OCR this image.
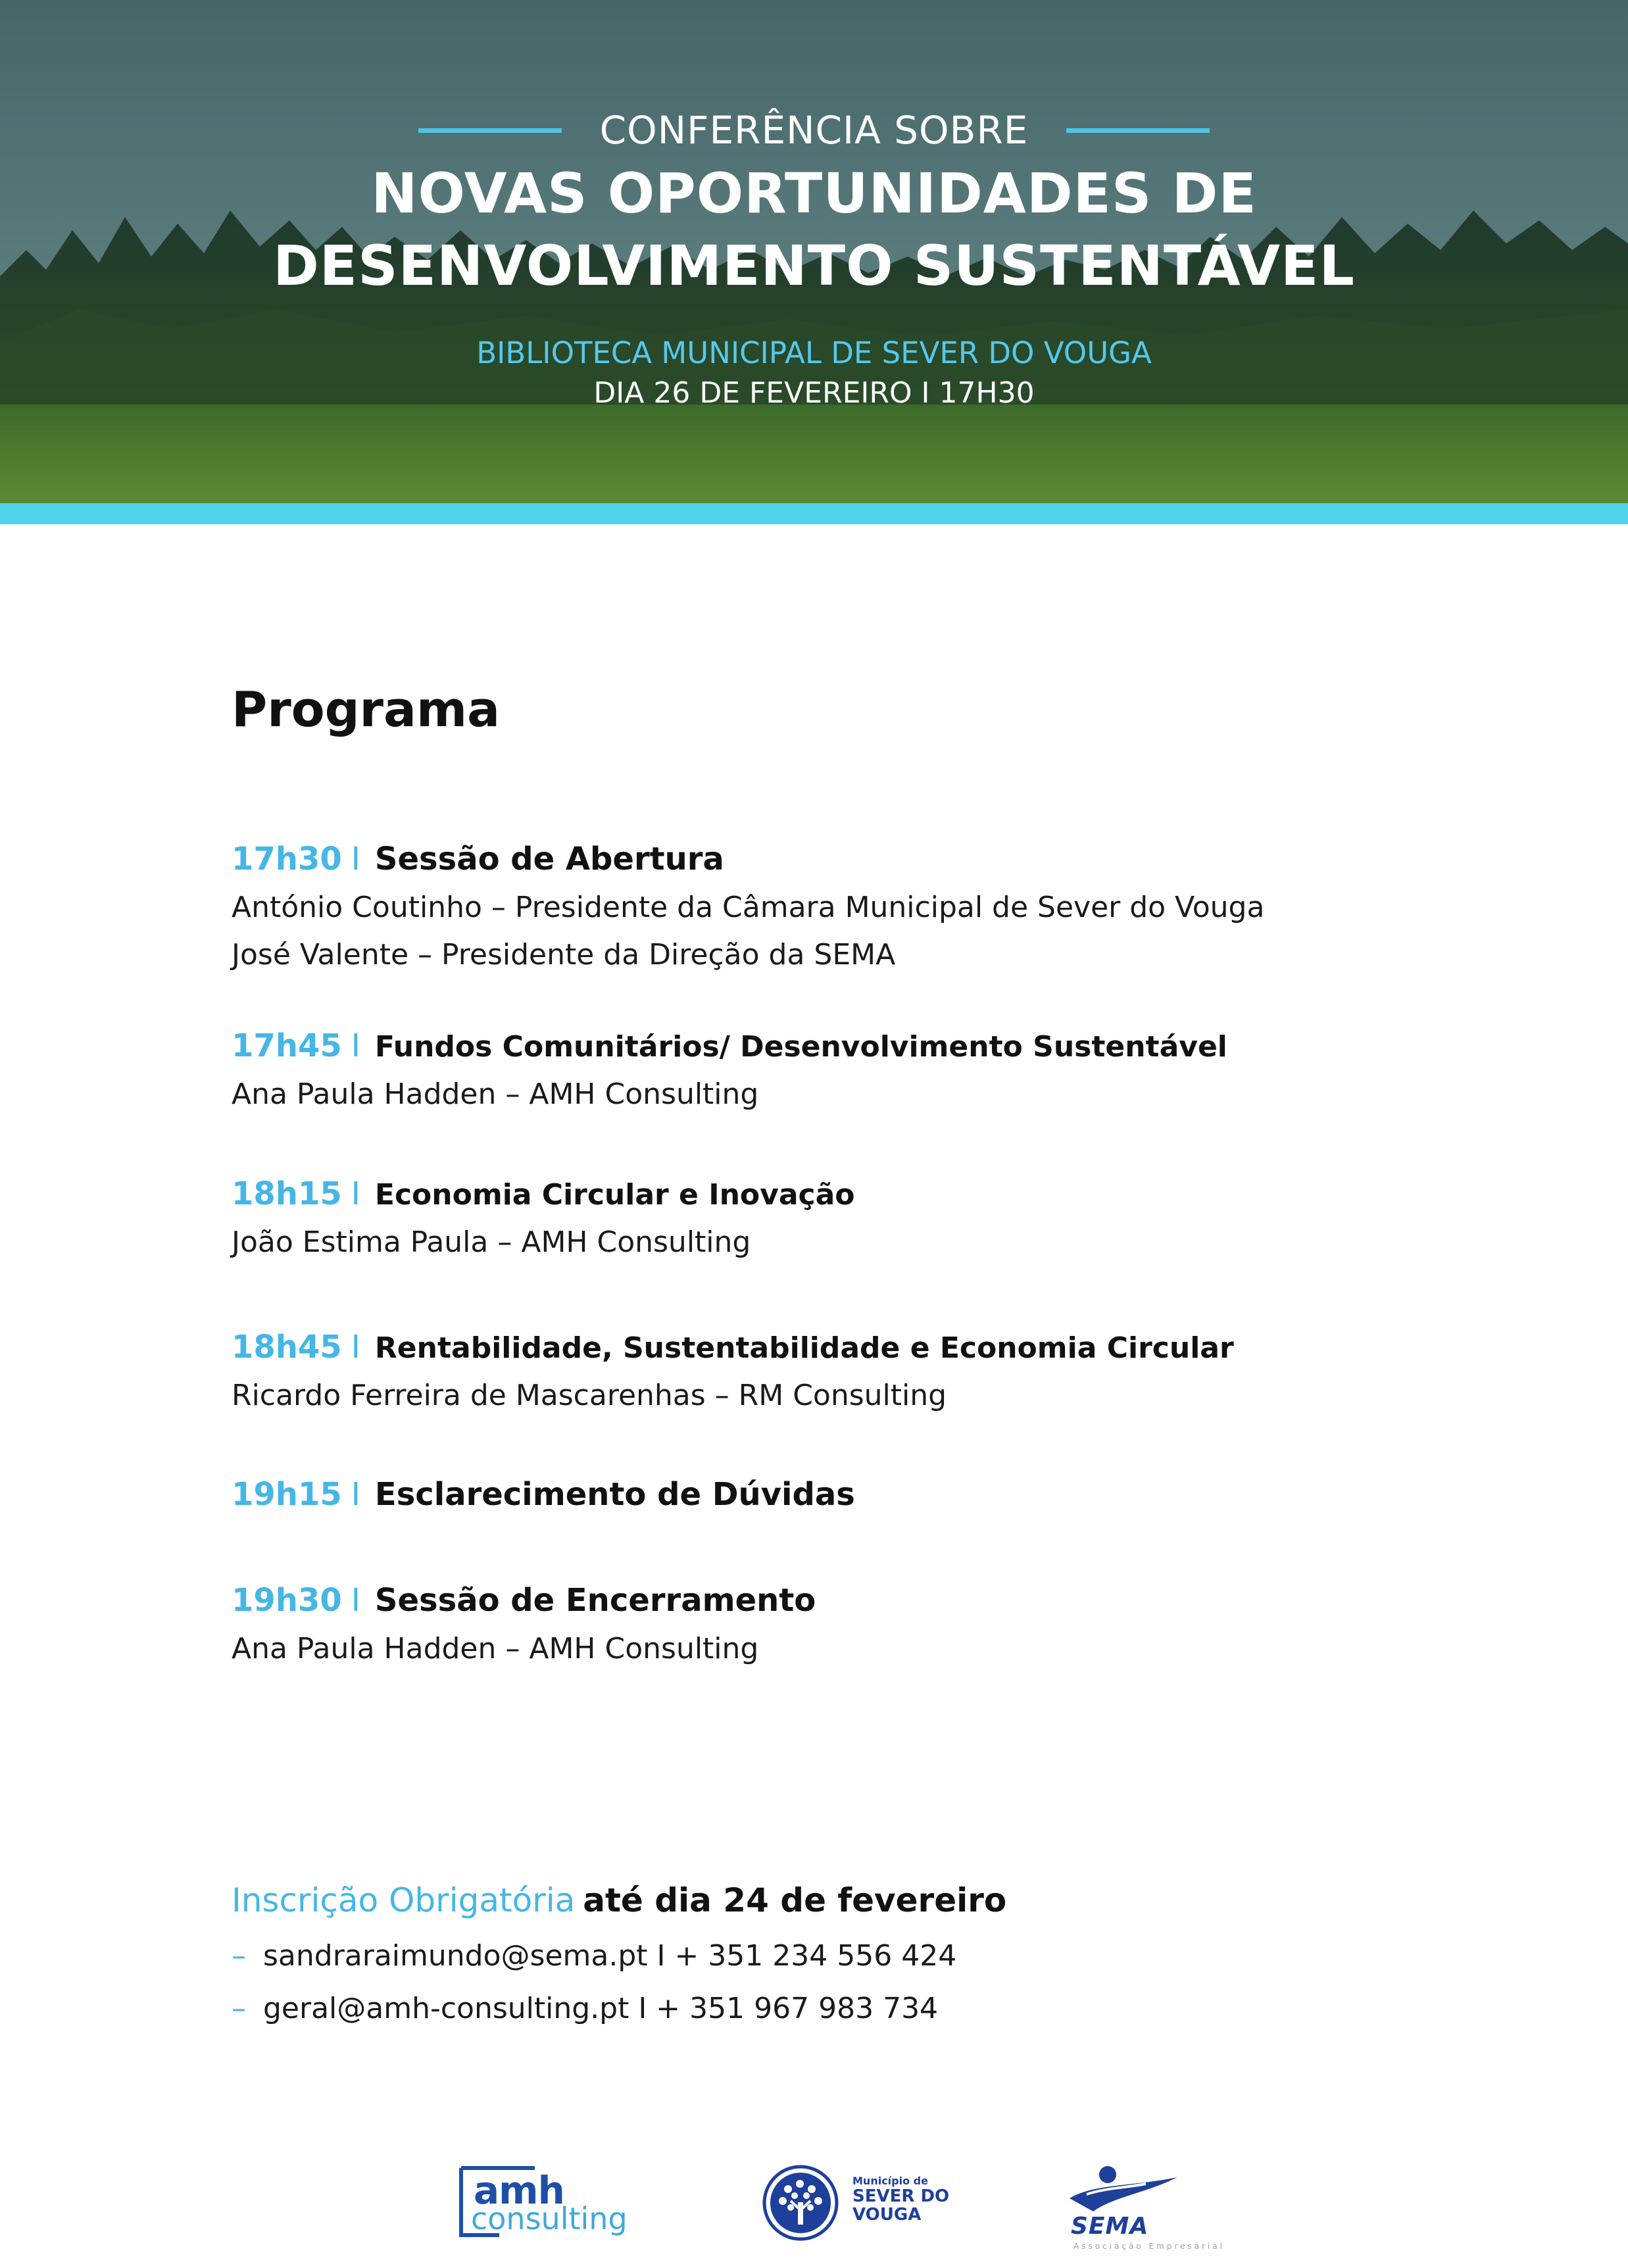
CONFERÊNCIA SOBRE
NOVAS OPORTUNIDADES DE
DESENVOLVIMENTO SUSTENTÁVEL
BIBLIOTECA MUNICIPAL DE SEVER DO VOUGA
DIA 26 DE FEVEREIRO I 17H30
Programa
17h30 I Sessão de Abertura
António Coutinho – Presidente da Câmara Municipal de Sever do Vouga
José Valente – Presidente da Direção da SEMA
17h45 I Fundos Comunitários/ Desenvolvimento Sustentável
Ana Paula Hadden – AMH Consulting
18h15 I Economia Circular e Inovação
João Estima Paula – AMH Consulting
18h45 I Rentabilidade, Sustentabilidade e Economia Circular
Ricardo Ferreira de Mascarenhas – RM Consulting
19h15 I Esclarecimento de Dúvidas
19h30 I Sessão de Encerramento
Ana Paula Hadden – AMH Consulting
Inscrição Obrigatória até dia 24 de fevereiro
– sandraraimundo@sema.pt I + 351 234 556 424
– geral@amh-consulting.pt I + 351 967 983 734
amh
consulting
Município de
SEVER DO
VOUGA	SEMA
Associação Empresarial
